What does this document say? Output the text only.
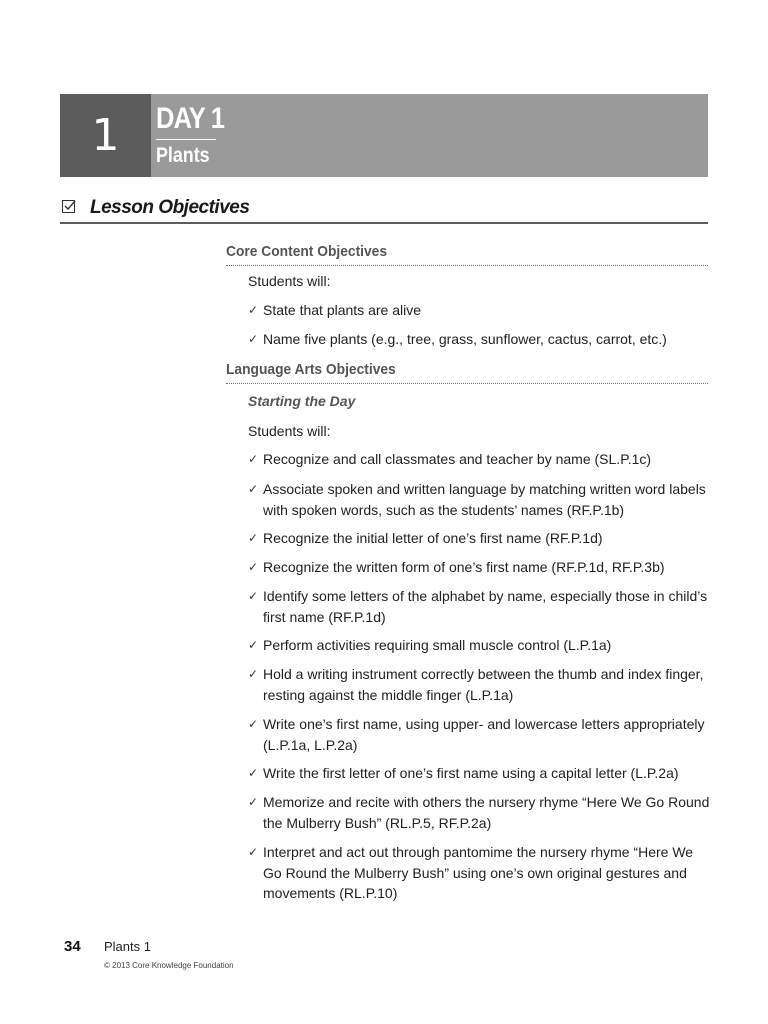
1	DAY 1
Plants
Lesson Objectives
Core Content Objectives
Students will:
✓ State that plants are alive
✓ Name five plants (e.g., tree, grass, sunflower, cactus, carrot, etc.)
Language Arts Objectives
Starting the Day
Students will:
✓ Recognize and call classmates and teacher by name (SL.P.1c)
✓ Associate spoken and written language by matching written word labels with spoken words, such as the students’ names (RF.P.1b)
✓ Recognize the initial letter of one’s first name (RF.P.1d)
✓ Recognize the written form of one’s first name (RF.P.1d, RF.P.3b)
✓ Identify some letters of the alphabet by name, especially those in child’s first name (RF.P.1d)
✓ Perform activities requiring small muscle control (L.P.1a)
✓ Hold a writing instrument correctly between the thumb and index finger, resting against the middle finger (L.P.1a)
✓ Write one’s first name, using upper- and lowercase letters appropriately (L.P.1a, L.P.2a)
✓ Write the first letter of one’s first name using a capital letter (L.P.2a)
✓ Memorize and recite with others the nursery rhyme “Here We Go Round the Mulberry Bush” (RL.P.5, RF.P.2a)
✓ Interpret and act out through pantomime the nursery rhyme “Here We Go Round the Mulberry Bush” using one’s own original gestures and movements (RL.P.10)
34 Plants 1
© 2013 Core Knowledge Foundation
